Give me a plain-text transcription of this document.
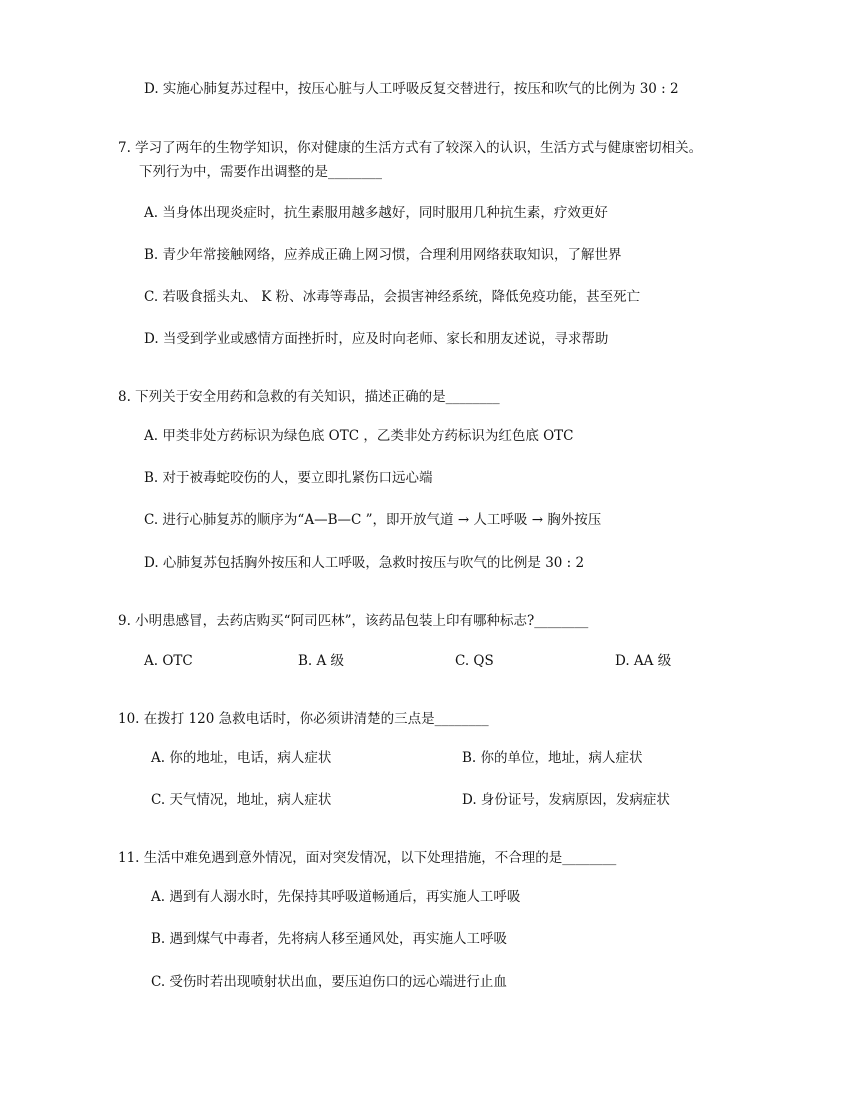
D. 实施心肺复苏过程中，按压心脏与人工呼吸反复交替进行，按压和吹气的比例为 30 : 2
7. 学习了两年的生物学知识，你对健康的生活方式有了较深入的认识，生活方式与健康密切相关。
下列行为中，需要作出调整的是________
A. 当身体出现炎症时，抗生素服用越多越好，同时服用几种抗生素，疗效更好
B. 青少年常接触网络，应养成正确上网习惯，合理利用网络获取知识，了解世界
C. 若吸食摇头丸、 K 粉、冰毒等毒品，会损害神经系统，降低免疫功能，甚至死亡
D. 当受到学业或感情方面挫折时，应及时向老师、家长和朋友述说，寻求帮助
8. 下列关于安全用药和急救的有关知识，描述正确的是________
A. 甲类非处方药标识为绿色底 OTC ，乙类非处方药标识为红色底 OTC
B. 对于被毒蛇咬伤的人，要立即扎紧伤口远心端
C. 进行心肺复苏的顺序为“A—B—C ”，即开放气道 → 人工呼吸 → 胸外按压
D. 心肺复苏包括胸外按压和人工呼吸，急救时按压与吹气的比例是 30 : 2
9. 小明患感冒，去药店购买“阿司匹林”，该药品包装上印有哪种标志?________
A. OTC	B. A 级	C. QS	D. AA 级
10. 在拨打 120 急救电话时，你必须讲清楚的三点是________
A. 你的地址，电话，病人症状	B. 你的单位，地址，病人症状
C. 天气情况，地址，病人症状	D. 身份证号，发病原因，发病症状
11. 生活中难免遇到意外情况，面对突发情况，以下处理措施，不合理的是________
A. 遇到有人溺水时，先保持其呼吸道畅通后，再实施人工呼吸
B. 遇到煤气中毒者，先将病人移至通风处，再实施人工呼吸
C. 受伤时若出现喷射状出血，要压迫伤口的远心端进行止血
